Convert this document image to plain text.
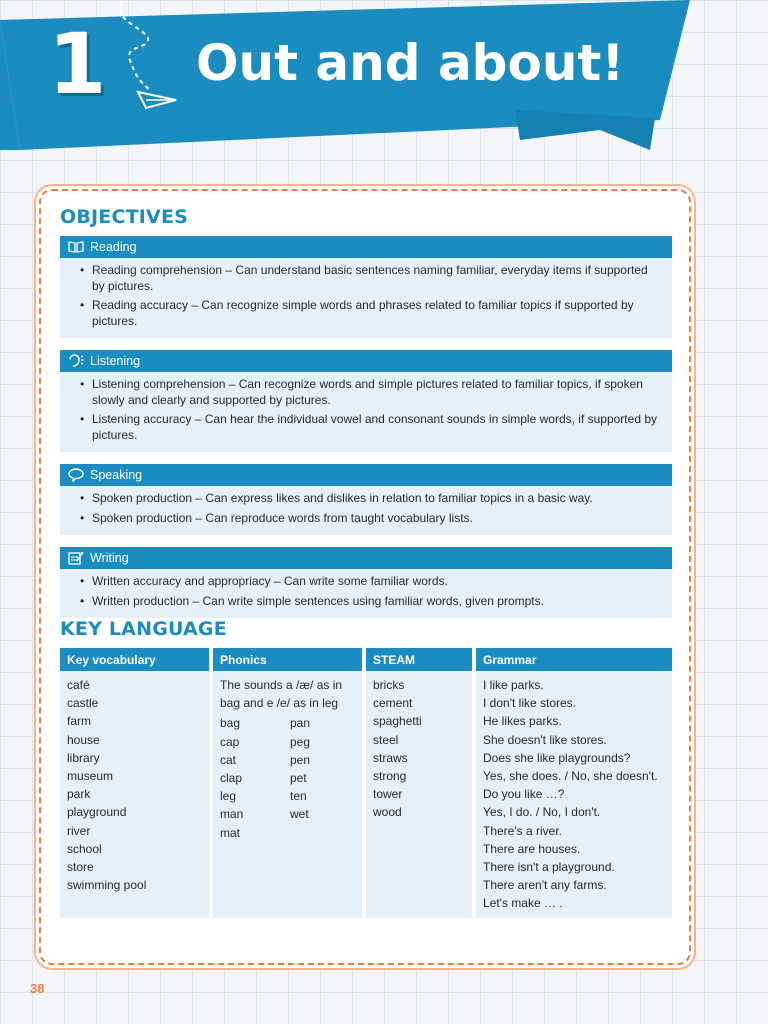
1 Out and about!
OBJECTIVES
Reading
• Reading comprehension – Can understand basic sentences naming familiar, everyday items if supported by pictures.
• Reading accuracy – Can recognize simple words and phrases related to familiar topics if supported by pictures.
Listening
• Listening comprehension – Can recognize words and simple pictures related to familiar topics, if spoken slowly and clearly and supported by pictures.
• Listening accuracy – Can hear the individual vowel and consonant sounds in simple words, if supported by pictures.
Speaking
• Spoken production – Can express likes and dislikes in relation to familiar topics in a basic way.
• Spoken production – Can reproduce words from taught vocabulary lists.
Writing
• Written accuracy and appropriacy – Can write some familiar words.
• Written production – Can write simple sentences using familiar words, given prompts.
KEY LANGUAGE
Key vocabulary
café
castle
farm
house
library
museum
park
playground
river
school
store
swimming pool
Phonics
The sounds a /æ/ as in bag and e /e/ as in leg
bag	pan
cap	peg
cat	pen
clap	pet
leg	ten
man	wet
mat
STEAM
bricks
cement
spaghetti
steel
straws
strong
tower
wood
Grammar
I like parks.
I don't like stores.
He likes parks.
She doesn't like stores.
Does she like playgrounds?
Yes, she does. / No, she doesn't.
Do you like …?
Yes, I do. / No, I don't.
There's a river.
There are houses.
There isn't a playground.
There aren't any farms.
Let's make … .
38
